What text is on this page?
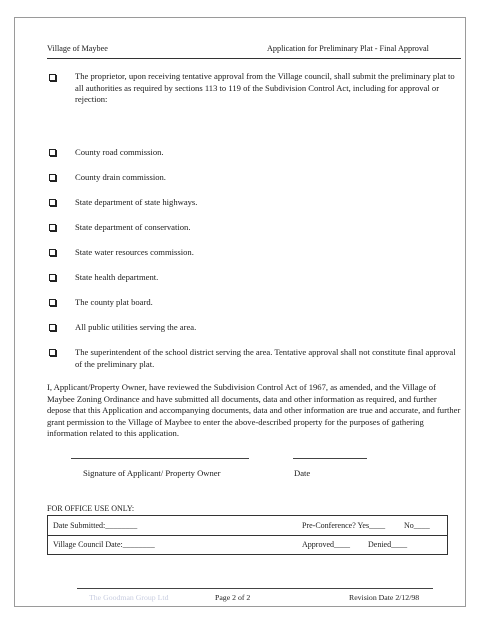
Village of Maybee	Application for Preliminary Plat - Final Approval
The proprietor, upon receiving tentative approval from the Village council, shall submit the preliminary plat to all authorities as required by sections 113 to 119 of the Subdivision Control Act, including for approval or rejection:
County road commission.
County drain commission.
State department of state highways.
State department of conservation.
State water resources commission.
State health department.
The county plat board.
All public utilities serving the area.
The superintendent of the school district serving the area. Tentative approval shall not constitute final approval of the preliminary plat.
I, Applicant/Property Owner, have reviewed the Subdivision Control Act of 1967, as amended, and the Village of Maybee Zoning Ordinance and have submitted all documents, data and other information as required, and further depose that this Application and accompanying documents, data and other information are true and accurate, and further grant permission to the Village of Maybee to enter the above-described property for the purposes of gathering information related to this application.
Signature of Applicant/ Property Owner	Date
FOR OFFICE USE ONLY:
Date Submitted:________	Pre-Conference? Yes____ No____
Village Council Date:________	Approved____ Denied____
The Goodman Group Ltd	Page 2 of 2	Revision Date 2/12/98
